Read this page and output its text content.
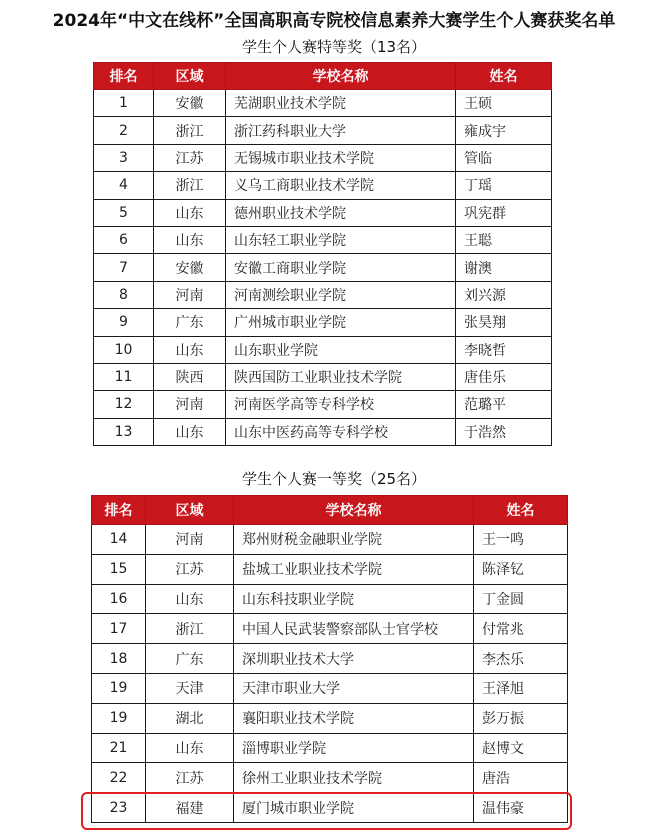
2024年“中文在线杯”全国高职高专院校信息素养大赛学生个人赛获奖名单
学生个人赛特等奖（13名）
排名	区域	学校名称	姓名
1	安徽	芜湖职业技术学院	王硕
2	浙江	浙江药科职业大学	雍成宇
3	江苏	无锡城市职业技术学院	管临
4	浙江	义乌工商职业技术学院	丁瑶
5	山东	德州职业技术学院	巩宪群
6	山东	山东轻工职业学院	王聪
7	安徽	安徽工商职业学院	谢澳
8	河南	河南测绘职业学院	刘兴源
9	广东	广州城市职业学院	张昊翔
10	山东	山东职业学院	李晓哲
11	陕西	陕西国防工业职业技术学院	唐佳乐
12	河南	河南医学高等专科学校	范璐平
13	山东	山东中医药高等专科学校	于浩然
学生个人赛一等奖（25名）
排名	区域	学校名称	姓名
14	河南	郑州财税金融职业学院	王一鸣
15	江苏	盐城工业职业技术学院	陈泽钇
16	山东	山东科技职业学院	丁金圆
17	浙江	中国人民武装警察部队士官学校	付常兆
18	广东	深圳职业技术大学	李杰乐
19	天津	天津市职业大学	王泽旭
19	湖北	襄阳职业技术学院	彭万振
21	山东	淄博职业学院	赵博文
22	江苏	徐州工业职业技术学院	唐浩
23	福建	厦门城市职业学院	温伟豪
